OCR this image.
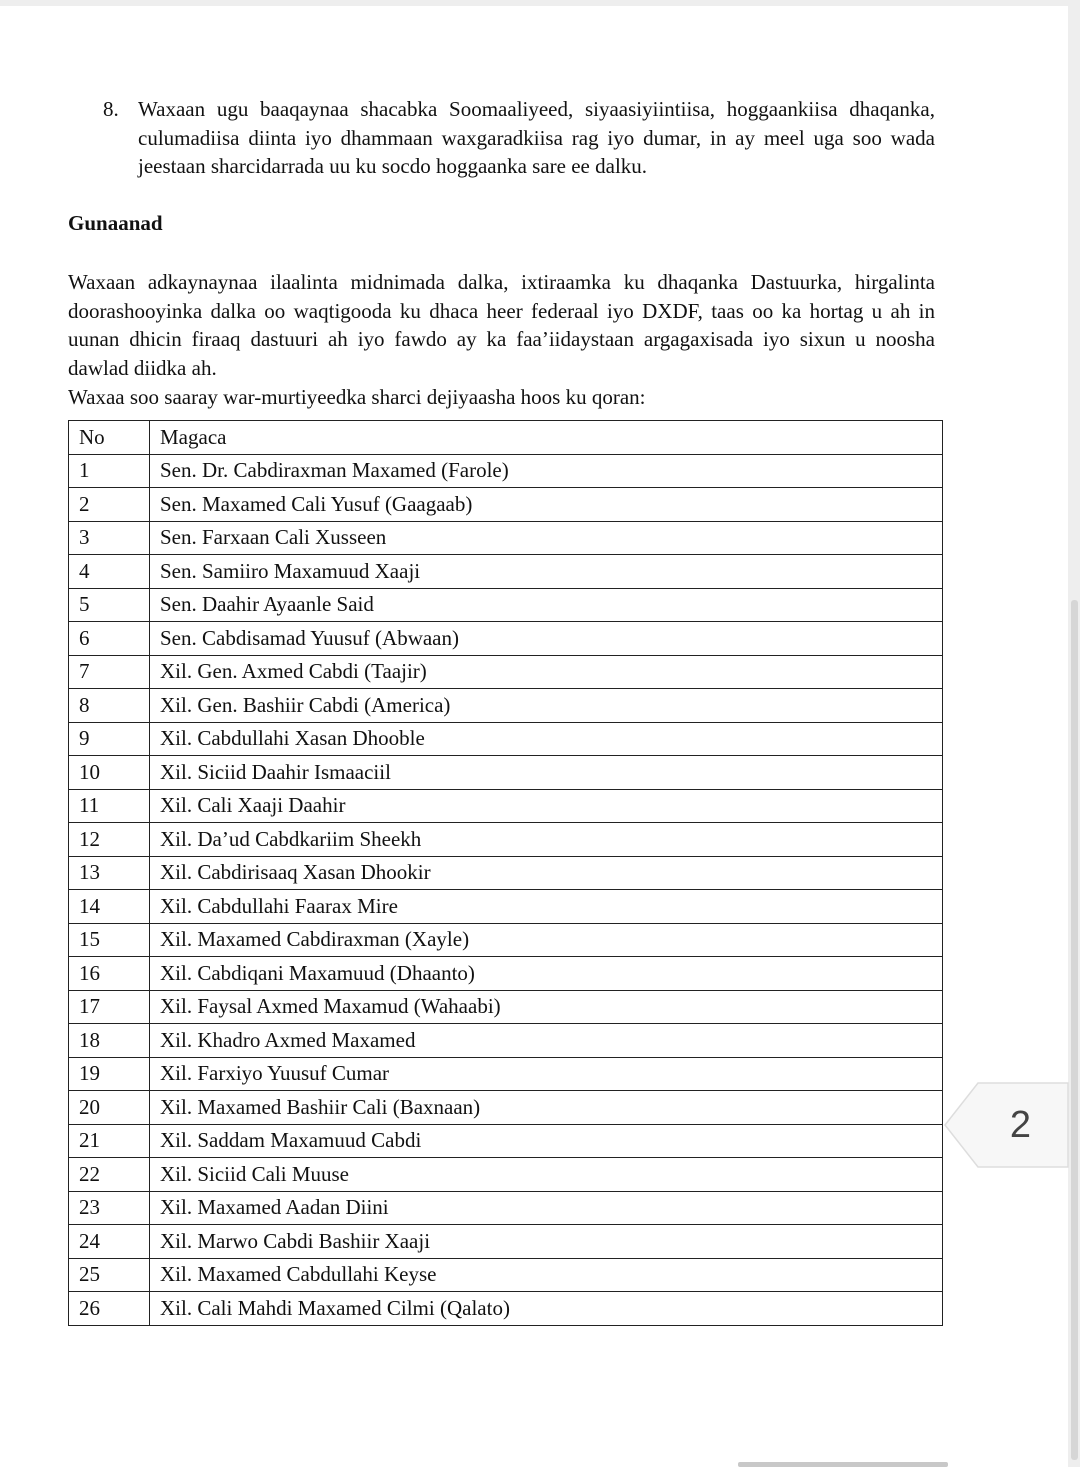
8. Waxaan ugu baaqaynaa shacabka Soomaaliyeed, siyaasiyiintiisa, hoggaankiisa dhaqanka, culumadiisa diinta iyo dhammaan waxgaradkiisa rag iyo dumar, in ay meel uga soo wada jeestaan sharcidarrada uu ku socdo hoggaanka sare ee dalku.
Gunaanad
Waxaan adkaynaynaa ilaalinta midnimada dalka, ixtiraamka ku dhaqanka Dastuurka, hirgalinta doorashooyinka dalka oo waqtigooda ku dhaca heer federaal iyo DXDF, taas oo ka hortag u ah in uunan dhicin firaaq dastuuri ah iyo fawdo ay ka faa’iidaystaan argagaxisada iyo sixun u noosha dawlad diidka ah.
Waxaa soo saaray war-murtiyeedka sharci dejiyaasha hoos ku qoran:
No	Magaca
1	Sen. Dr. Cabdiraxman Maxamed (Farole)
2	Sen. Maxamed Cali Yusuf (Gaagaab)
3	Sen. Farxaan Cali Xusseen
4	Sen. Samiiro Maxamuud Xaaji
5	Sen. Daahir Ayaanle Said
6	Sen. Cabdisamad Yuusuf (Abwaan)
7	Xil. Gen. Axmed Cabdi (Taajir)
8	Xil. Gen. Bashiir Cabdi (America)
9	Xil. Cabdullahi Xasan Dhooble
10	Xil. Siciid Daahir Ismaaciil
11	Xil. Cali Xaaji Daahir
12	Xil. Da’ud Cabdkariim Sheekh
13	Xil. Cabdirisaaq Xasan Dhookir
14	Xil. Cabdullahi Faarax Mire
15	Xil. Maxamed Cabdiraxman (Xayle)
16	Xil. Cabdiqani Maxamuud (Dhaanto)
17	Xil. Faysal Axmed Maxamud (Wahaabi)
18	Xil. Khadro Axmed Maxamed
19	Xil. Farxiyo Yuusuf Cumar
20	Xil. Maxamed Bashiir Cali (Baxnaan)
21	Xil. Saddam Maxamuud Cabdi
22	Xil. Siciid Cali Muuse
23	Xil. Maxamed Aadan Diini
24	Xil. Marwo Cabdi Bashiir Xaaji
25	Xil. Maxamed Cabdullahi Keyse
26	Xil. Cali Mahdi Maxamed Cilmi (Qalato)
2
